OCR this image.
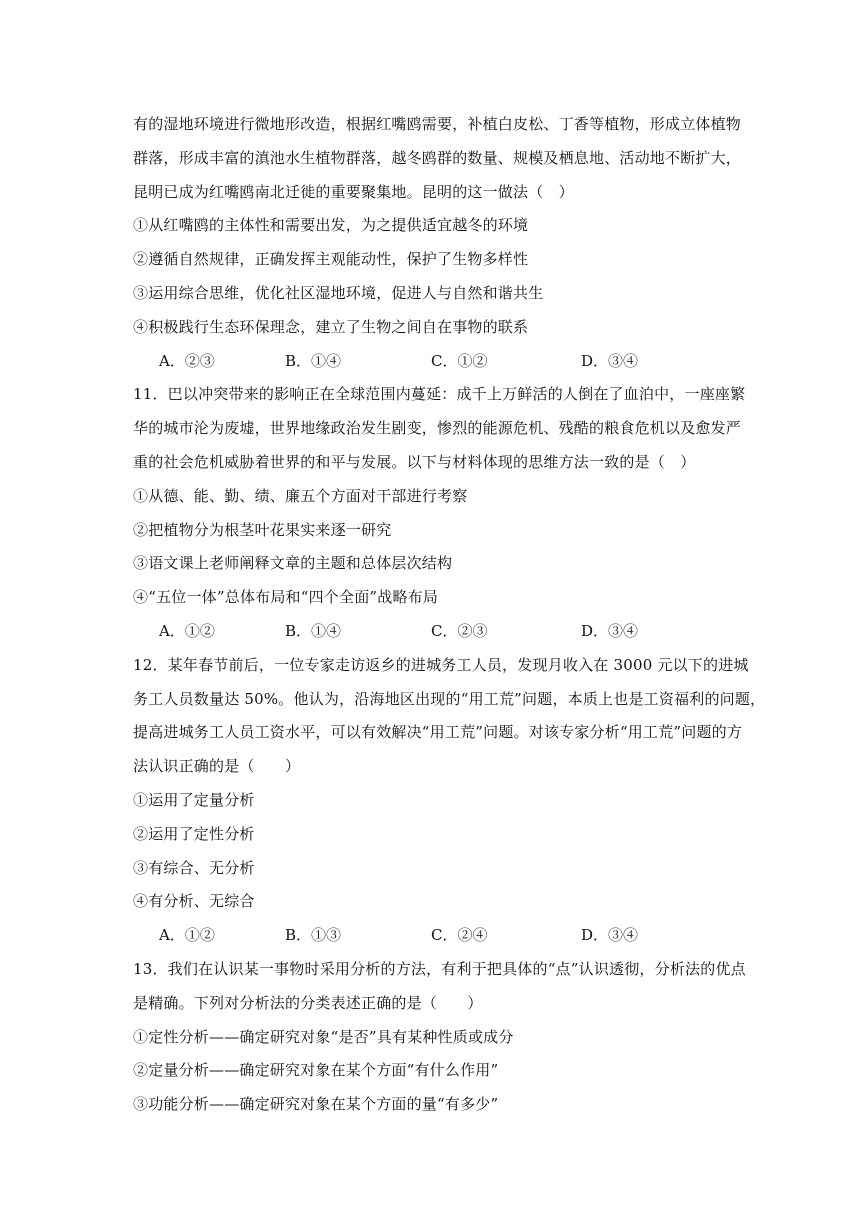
有的湿地环境进行微地形改造，根据红嘴鸥需要，补植白皮松、丁香等植物，形成立体植物
群落，形成丰富的滇池水生植物群落，越冬鸥群的数量、规模及栖息地、活动地不断扩大，
昆明已成为红嘴鸥南北迁徙的重要聚集地。昆明的这一做法（　）
①从红嘴鸥的主体性和需要出发，为之提供适宜越冬的环境
②遵循自然规律，正确发挥主观能动性，保护了生物多样性
③运用综合思维，优化社区湿地环境，促进人与自然和谐共生
④积极践行生态环保理念，建立了生物之间自在事物的联系
A．②③	B．①④	C．①②	D．③④
11．巴以冲突带来的影响正在全球范围内蔓延：成千上万鲜活的人倒在了血泊中，一座座繁
华的城市沦为废墟，世界地缘政治发生剧变，惨烈的能源危机、残酷的粮食危机以及愈发严
重的社会危机威胁着世界的和平与发展。以下与材料体现的思维方法一致的是（　）
①从德、能、勤、绩、廉五个方面对干部进行考察
②把植物分为根茎叶花果实来逐一研究
③语文课上老师阐释文章的主题和总体层次结构
④“五位一体”总体布局和“四个全面”战略布局
A．①②	B．①④	C．②③	D．③④
12．某年春节前后，一位专家走访返乡的进城务工人员，发现月收入在 3000 元以下的进城
务工人员数量达 50%。他认为，沿海地区出现的“用工荒”问题，本质上也是工资福利的问题，
提高进城务工人员工资水平，可以有效解决“用工荒”问题。对该专家分析“用工荒”问题的方
法认识正确的是（　　）
①运用了定量分析
②运用了定性分析
③有综合、无分析
④有分析、无综合
A．①②	B．①③	C．②④	D．③④
13．我们在认识某一事物时采用分析的方法，有利于把具体的“点”认识透彻，分析法的优点
是精确。下列对分析法的分类表述正确的是（　　）
①定性分析——确定研究对象“是否”具有某种性质或成分
②定量分析——确定研究对象在某个方面“有什么作用”
③功能分析——确定研究对象在某个方面的量“有多少”
